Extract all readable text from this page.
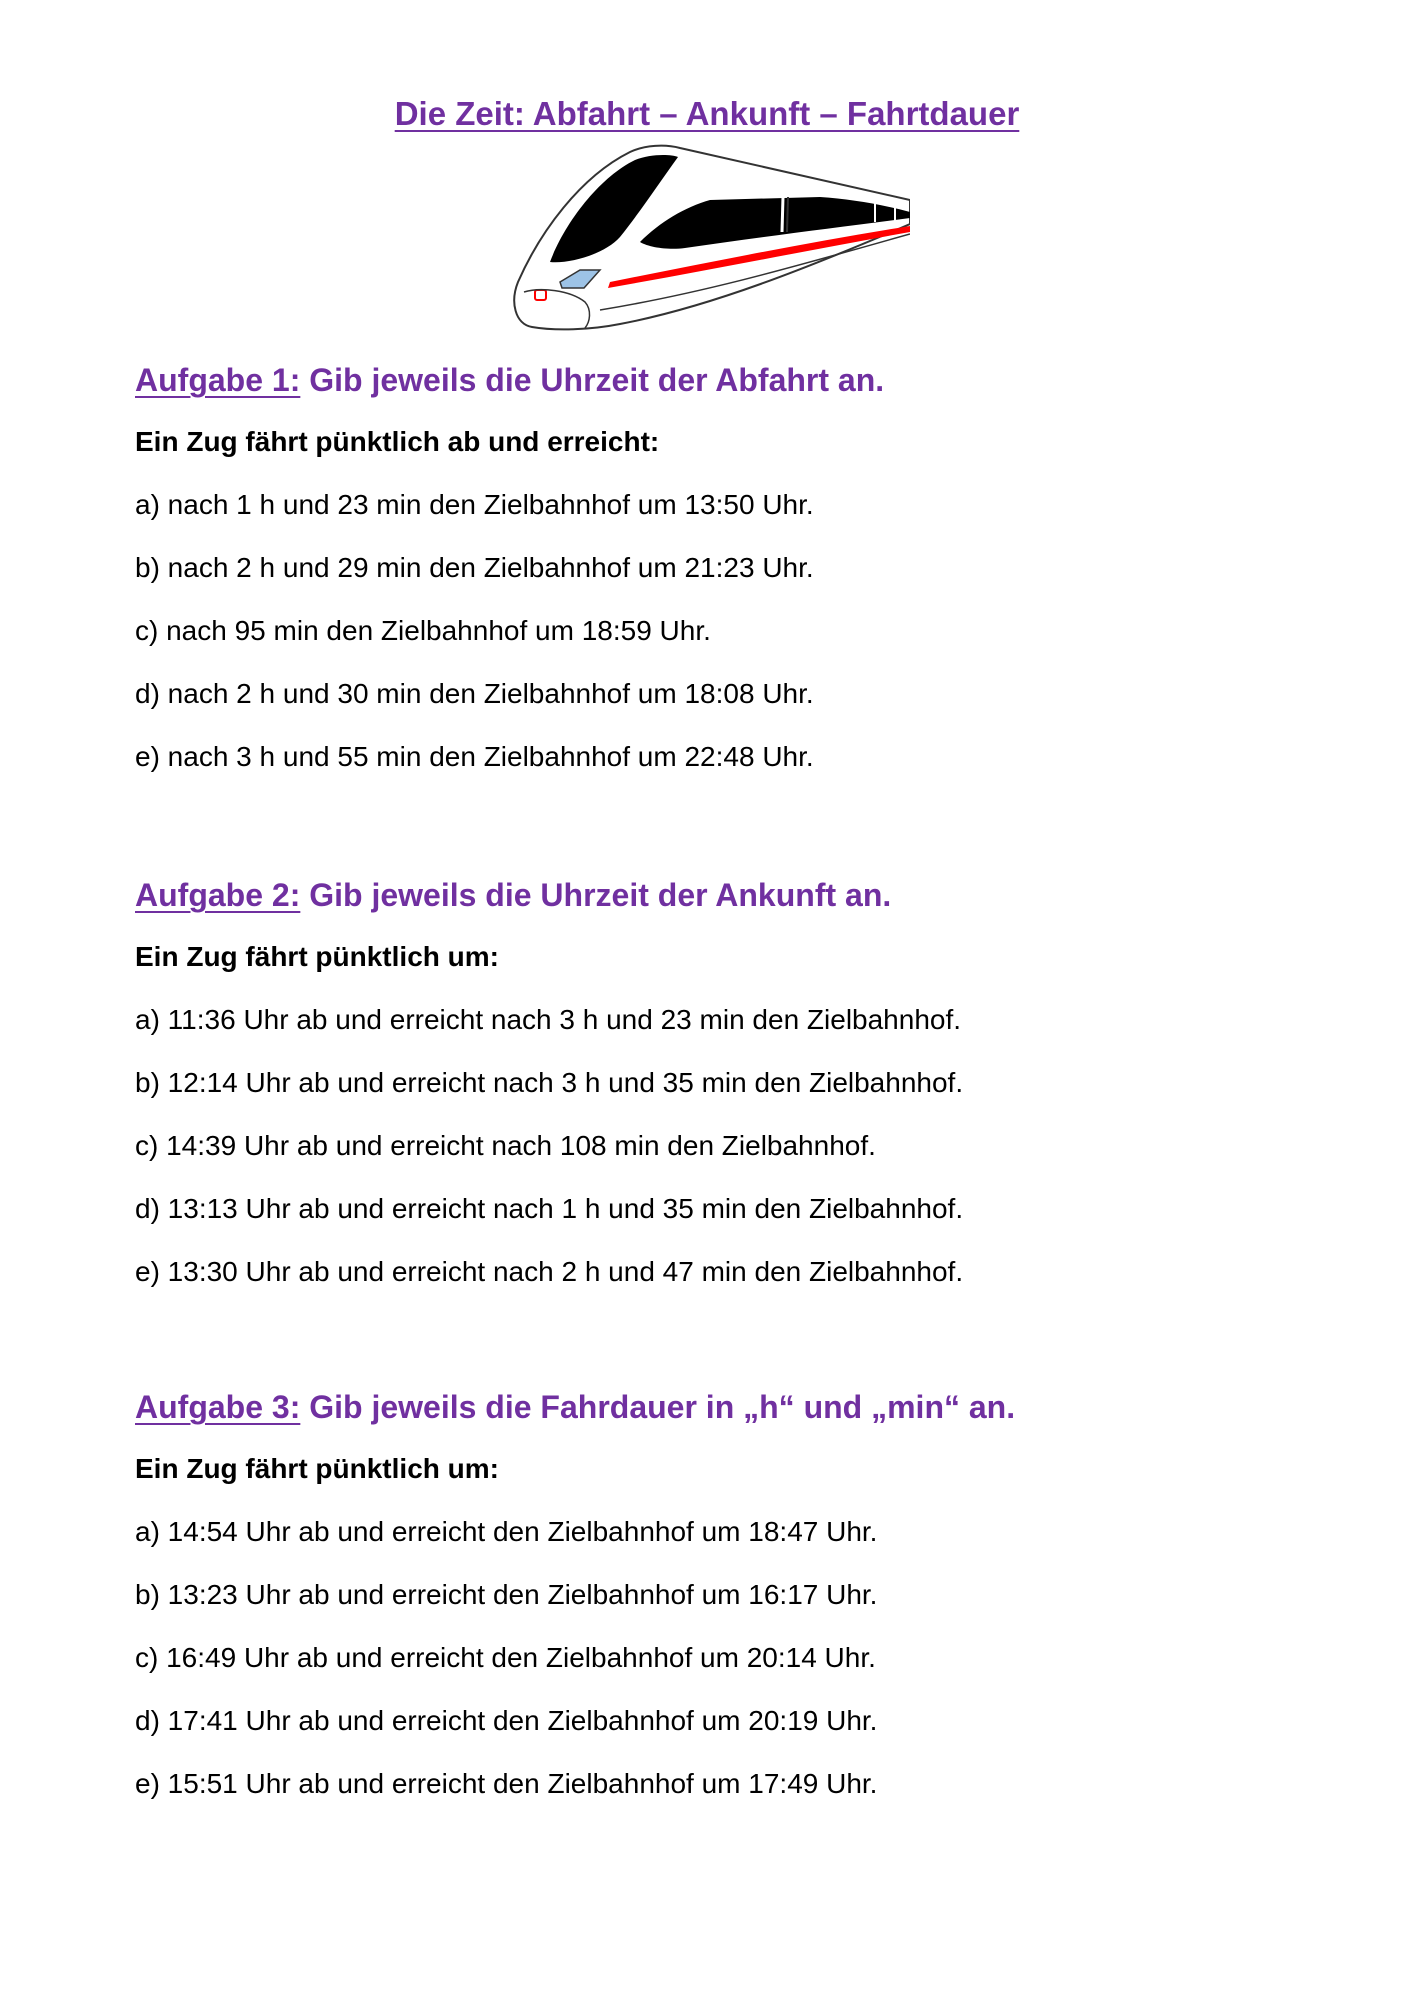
Die Zeit: Abfahrt – Ankunft – Fahrtdauer
Aufgabe 1: Gib jeweils die Uhrzeit der Abfahrt an.
Ein Zug fährt pünktlich ab und erreicht:
a) nach 1 h und 23 min den Zielbahnhof um 13:50 Uhr.
b) nach 2 h und 29 min den Zielbahnhof um 21:23 Uhr.
c) nach 95 min den Zielbahnhof um 18:59 Uhr.
d) nach 2 h und 30 min den Zielbahnhof um 18:08 Uhr.
e) nach 3 h und 55 min den Zielbahnhof um 22:48 Uhr.
Aufgabe 2: Gib jeweils die Uhrzeit der Ankunft an.
Ein Zug fährt pünktlich um:
a) 11:36 Uhr ab und erreicht nach 3 h und 23 min den Zielbahnhof.
b) 12:14 Uhr ab und erreicht nach 3 h und 35 min den Zielbahnhof.
c) 14:39 Uhr ab und erreicht nach 108 min den Zielbahnhof.
d) 13:13 Uhr ab und erreicht nach 1 h und 35 min den Zielbahnhof.
e) 13:30 Uhr ab und erreicht nach 2 h und 47 min den Zielbahnhof.
Aufgabe 3: Gib jeweils die Fahrdauer in „h“ und „min“ an.
Ein Zug fährt pünktlich um:
a) 14:54 Uhr ab und erreicht den Zielbahnhof um 18:47 Uhr.
b) 13:23 Uhr ab und erreicht den Zielbahnhof um 16:17 Uhr.
c) 16:49 Uhr ab und erreicht den Zielbahnhof um 20:14 Uhr.
d) 17:41 Uhr ab und erreicht den Zielbahnhof um 20:19 Uhr.
e) 15:51 Uhr ab und erreicht den Zielbahnhof um 17:49 Uhr.
